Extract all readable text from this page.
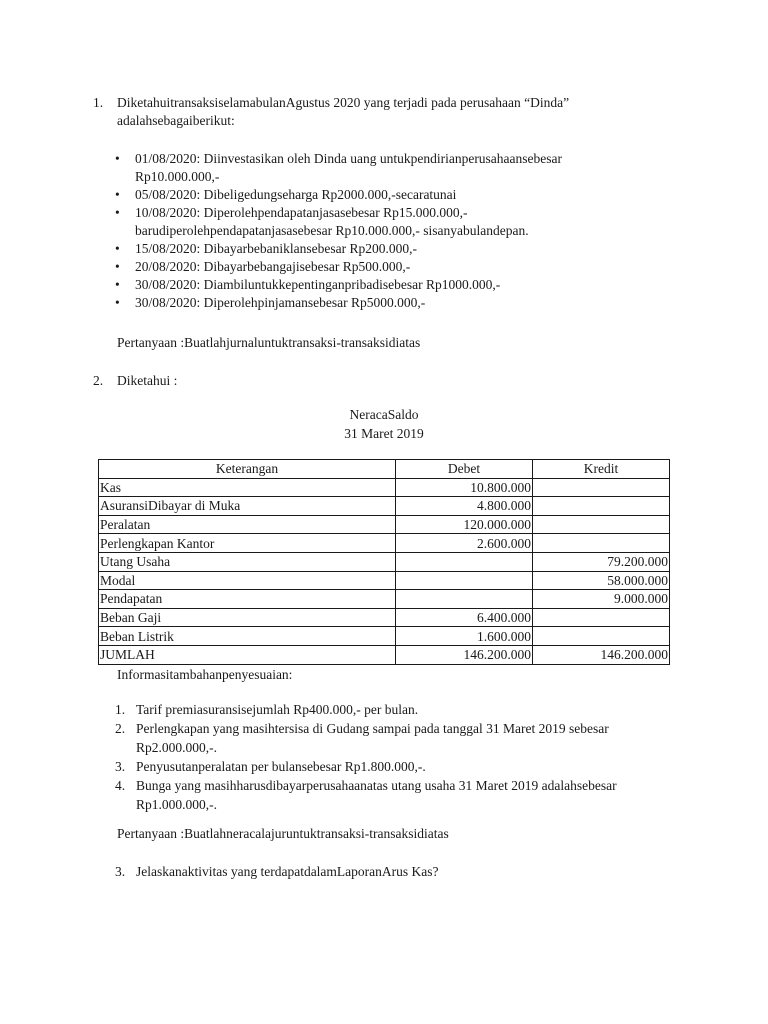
1.	DiketahuitransaksiselamabulanAgustus 2020 yang terjadi pada perusahaan “Dinda”
adalahsebagaiberikut:
• 01/08/2020: Diinvestasikan oleh Dinda uang untukpendirianperusahaansebesar
Rp10.000.000,-
• 05/08/2020: Dibeligedungseharga Rp2000.000,-secaratunai
• 10/08/2020: Diperolehpendapatanjasasebesar Rp15.000.000,-
barudiperolehpendapatanjasasebesar Rp10.000.000,- sisanyabulandepan.
• 15/08/2020: Dibayarbebaniklansebesar Rp200.000,-
• 20/08/2020: Dibayarbebangajisebesar Rp500.000,-
• 30/08/2020: Diambiluntukkepentinganpribadisebesar Rp1000.000,-
• 30/08/2020: Diperolehpinjamansebesar Rp5000.000,-
Pertanyaan :Buatlahjurnaluntuktransaksi-transaksidiatas
2.	Diketahui :
NeracaSaldo
31 Maret 2019
Keterangan	Debet	Kredit
Kas	10.800.000	
AsuransiDibayar di Muka	4.800.000	
Peralatan	120.000.000	
Perlengkapan Kantor	2.600.000	
Utang Usaha		79.200.000
Modal		58.000.000
Pendapatan		9.000.000
Beban Gaji	6.400.000	
Beban Listrik	1.600.000	
JUMLAH	146.200.000	146.200.000
Informasitambahanpenyesuaian:
1. Tarif premiasuransisejumlah Rp400.000,- per bulan.
2. Perlengkapan yang masihtersisa di Gudang sampai pada tanggal 31 Maret 2019 sebesar
Rp2.000.000,-.
3. Penyusutanperalatan per bulansebesar Rp1.800.000,-.
4. Bunga yang masihharusdibayarperusahaanatas utang usaha 31 Maret 2019 adalahsebesar
Rp1.000.000,-.
Pertanyaan :Buatlahneracalajuruntuktransaksi-transaksidiatas
3. Jelaskanaktivitas yang terdapatdalamLaporanArus Kas?
